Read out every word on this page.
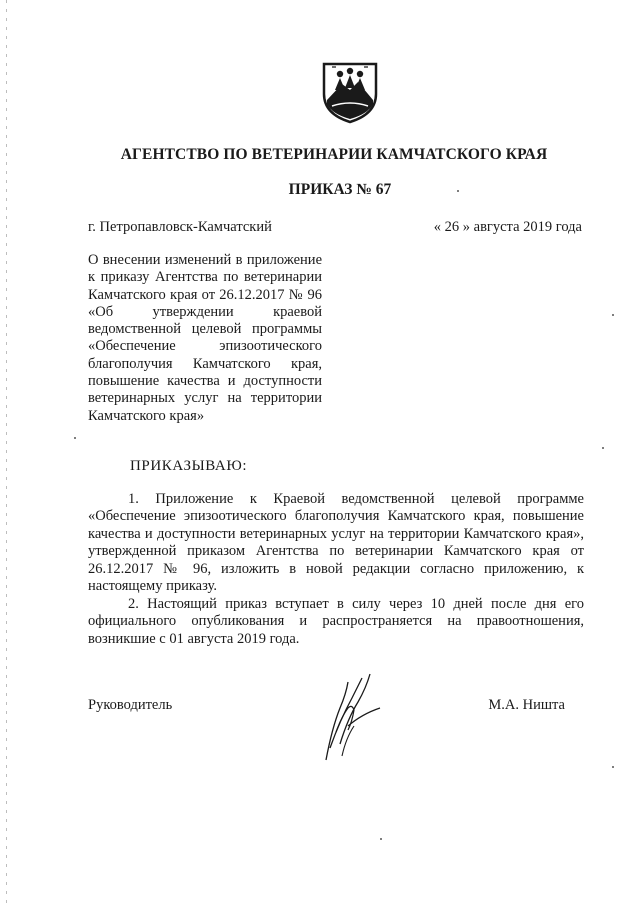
АГЕНТСТВО ПО ВЕТЕРИНАРИИ КАМЧАТСКОГО КРАЯ
ПРИКАЗ № 67
г. Петропавловск-Камчатский	« 26 » августа 2019 года
О внесении изменений в приложение к приказу Агентства по ветеринарии Камчатского края от 26.12.2017 № 96 «Об утверждении краевой ведомственной целевой программы «Обеспечение эпизоотического благополучия Камчатского края, повышение качества и доступности ветеринарных услуг на территории Камчатского края»
ПРИКАЗЫВАЮ:
1. Приложение к Краевой ведомственной целевой программе «Обеспечение эпизоотического благополучия Камчатского края, повышение качества и доступности ветеринарных услуг на территории Камчатского края», утвержденной приказом Агентства по ветеринарии Камчатского края от 26.12.2017 № 96, изложить в новой редакции согласно приложению, к настоящему приказу.
2. Настоящий приказ вступает в силу через 10 дней после дня его официального опубликования и распространяется на правоотношения, возникшие с 01 августа 2019 года.
Руководитель	М.А. Ништа
